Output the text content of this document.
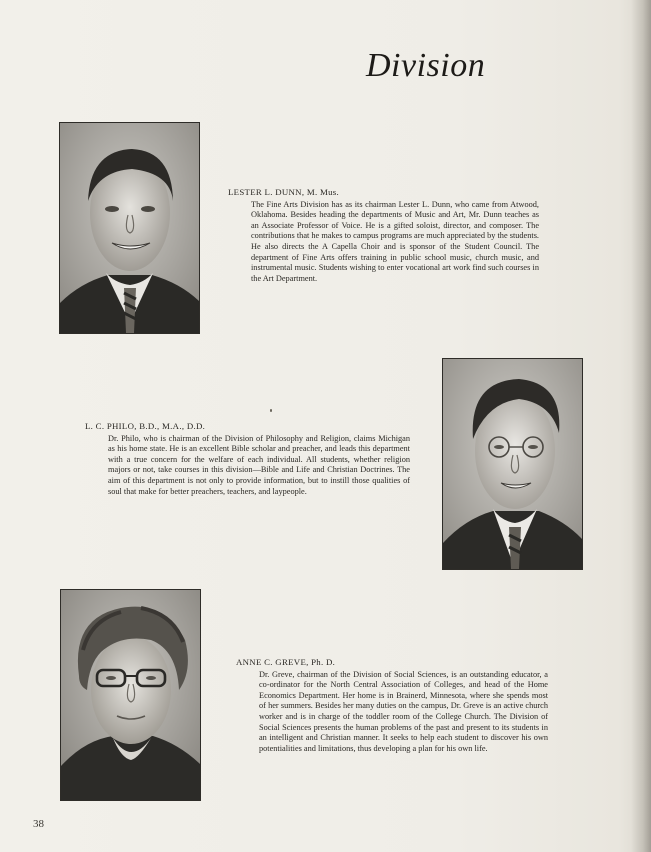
Division
LESTER L. DUNN, M. Mus.
The Fine Arts Division has as its chairman Lester L. Dunn, who came from Atwood, Oklahoma. Besides heading the departments of Music and Art, Mr. Dunn teaches as an Associate Professor of Voice. He is a gifted soloist, director, and composer. The contributions that he makes to campus programs are much appreciated by the students. He also directs the A Capella Choir and is sponsor of the Student Council. The department of Fine Arts offers training in public school music, church music, and instrumental music. Students wishing to enter vocational art work find such courses in the Art Department.
L. C. PHILO, B.D., M.A., D.D.
Dr. Philo, who is chairman of the Division of Philosophy and Religion, claims Michigan as his home state. He is an excellent Bible scholar and preacher, and leads this department with a true concern for the welfare of each individual. All students, whether religion majors or not, take courses in this division—Bible and Life and Christian Doctrines. The aim of this department is not only to provide information, but to instill those qualities of soul that make for better preachers, teachers, and laypeople.
ANNE C. GREVE, Ph. D.
Dr. Greve, chairman of the Division of Social Sciences, is an outstanding educator, a co-ordinator for the North Central Association of Colleges, and head of the Home Economics Department. Her home is in Brainerd, Minnesota, where she spends most of her summers. Besides her many duties on the campus, Dr. Greve is an active church worker and is in charge of the toddler room of the College Church. The Division of Social Sciences presents the human problems of the past and present to its students in an intelligent and Christian manner. It seeks to help each student to discover his own potentialities and limitations, thus developing a plan for his own life.
38
